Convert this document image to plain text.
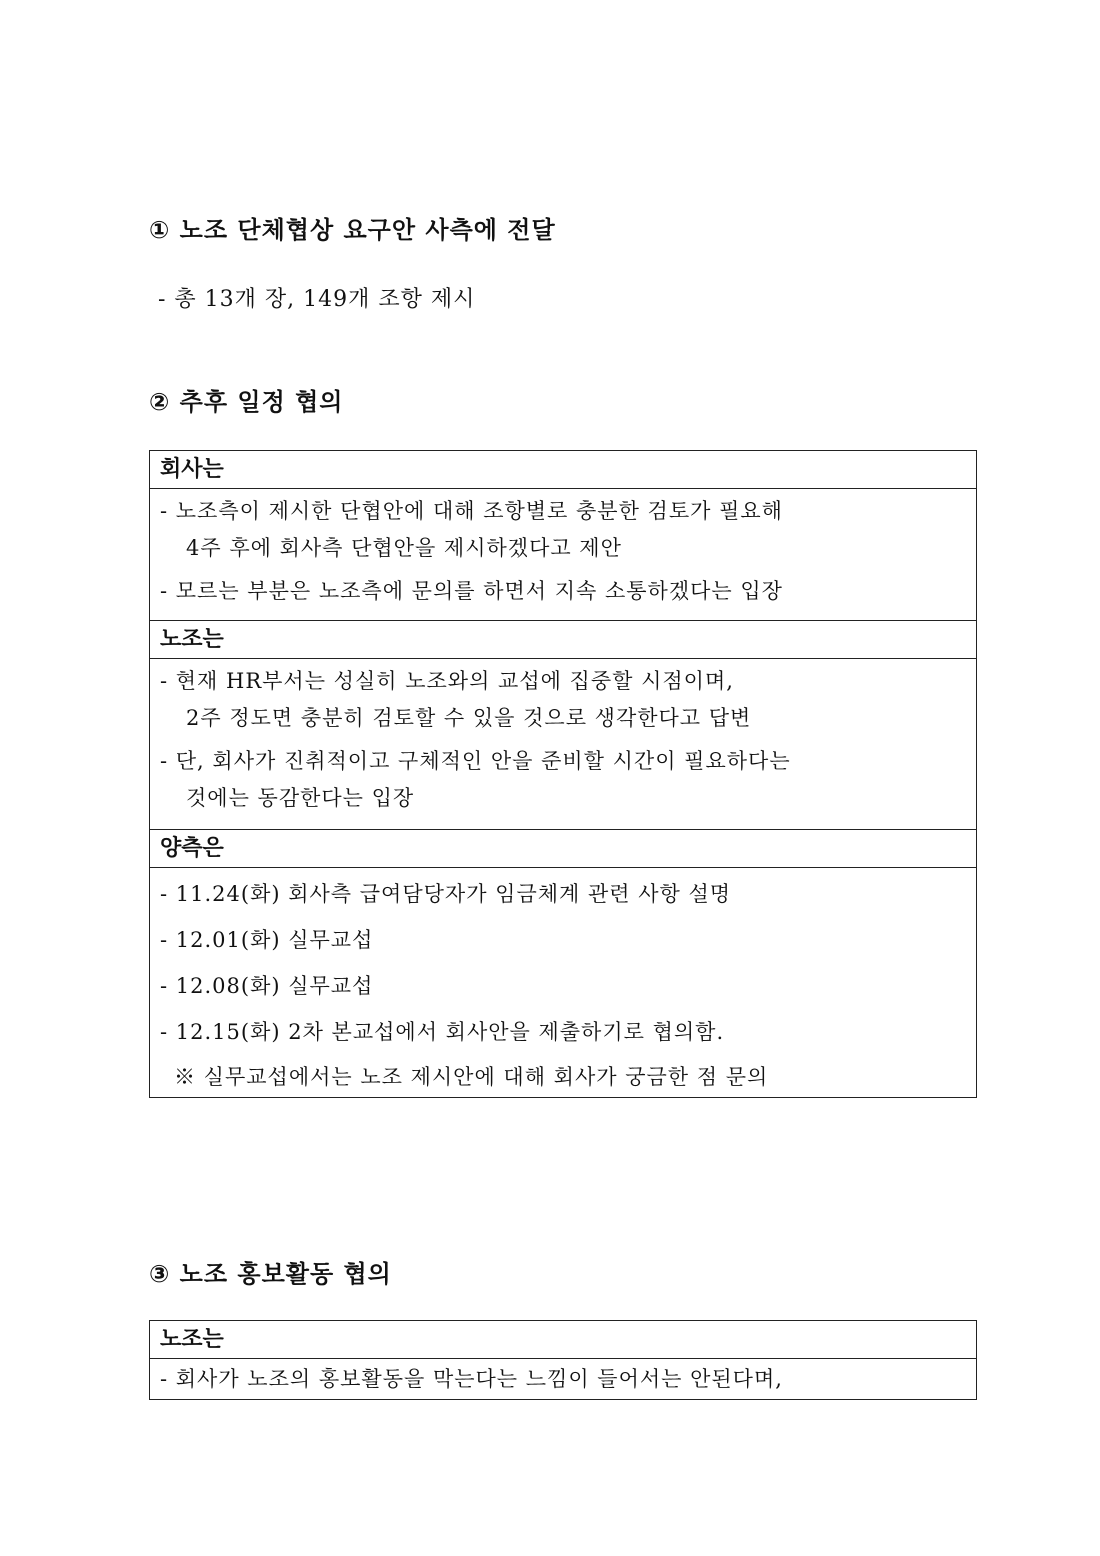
① 노조 단체협상 요구안 사측에 전달
- 총 13개 장, 149개 조항 제시
② 추후 일정 협의
회사는
- 노조측이 제시한 단협안에 대해 조항별로 충분한 검토가 필요해
4주 후에 회사측 단협안을 제시하겠다고 제안
- 모르는 부분은 노조측에 문의를 하면서 지속 소통하겠다는 입장
노조는
- 현재 HR부서는 성실히 노조와의 교섭에 집중할 시점이며,
2주 정도면 충분히 검토할 수 있을 것으로 생각한다고 답변
- 단, 회사가 진취적이고 구체적인 안을 준비할 시간이 필요하다는
것에는 동감한다는 입장
양측은
- 11.24(화) 회사측 급여담당자가 임금체계 관련 사항 설명
- 12.01(화) 실무교섭
- 12.08(화) 실무교섭
- 12.15(화) 2차 본교섭에서 회사안을 제출하기로 협의함.
※ 실무교섭에서는 노조 제시안에 대해 회사가 궁금한 점 문의
③ 노조 홍보활동 협의
노조는
- 회사가 노조의 홍보활동을 막는다는 느낌이 들어서는 안된다며,
